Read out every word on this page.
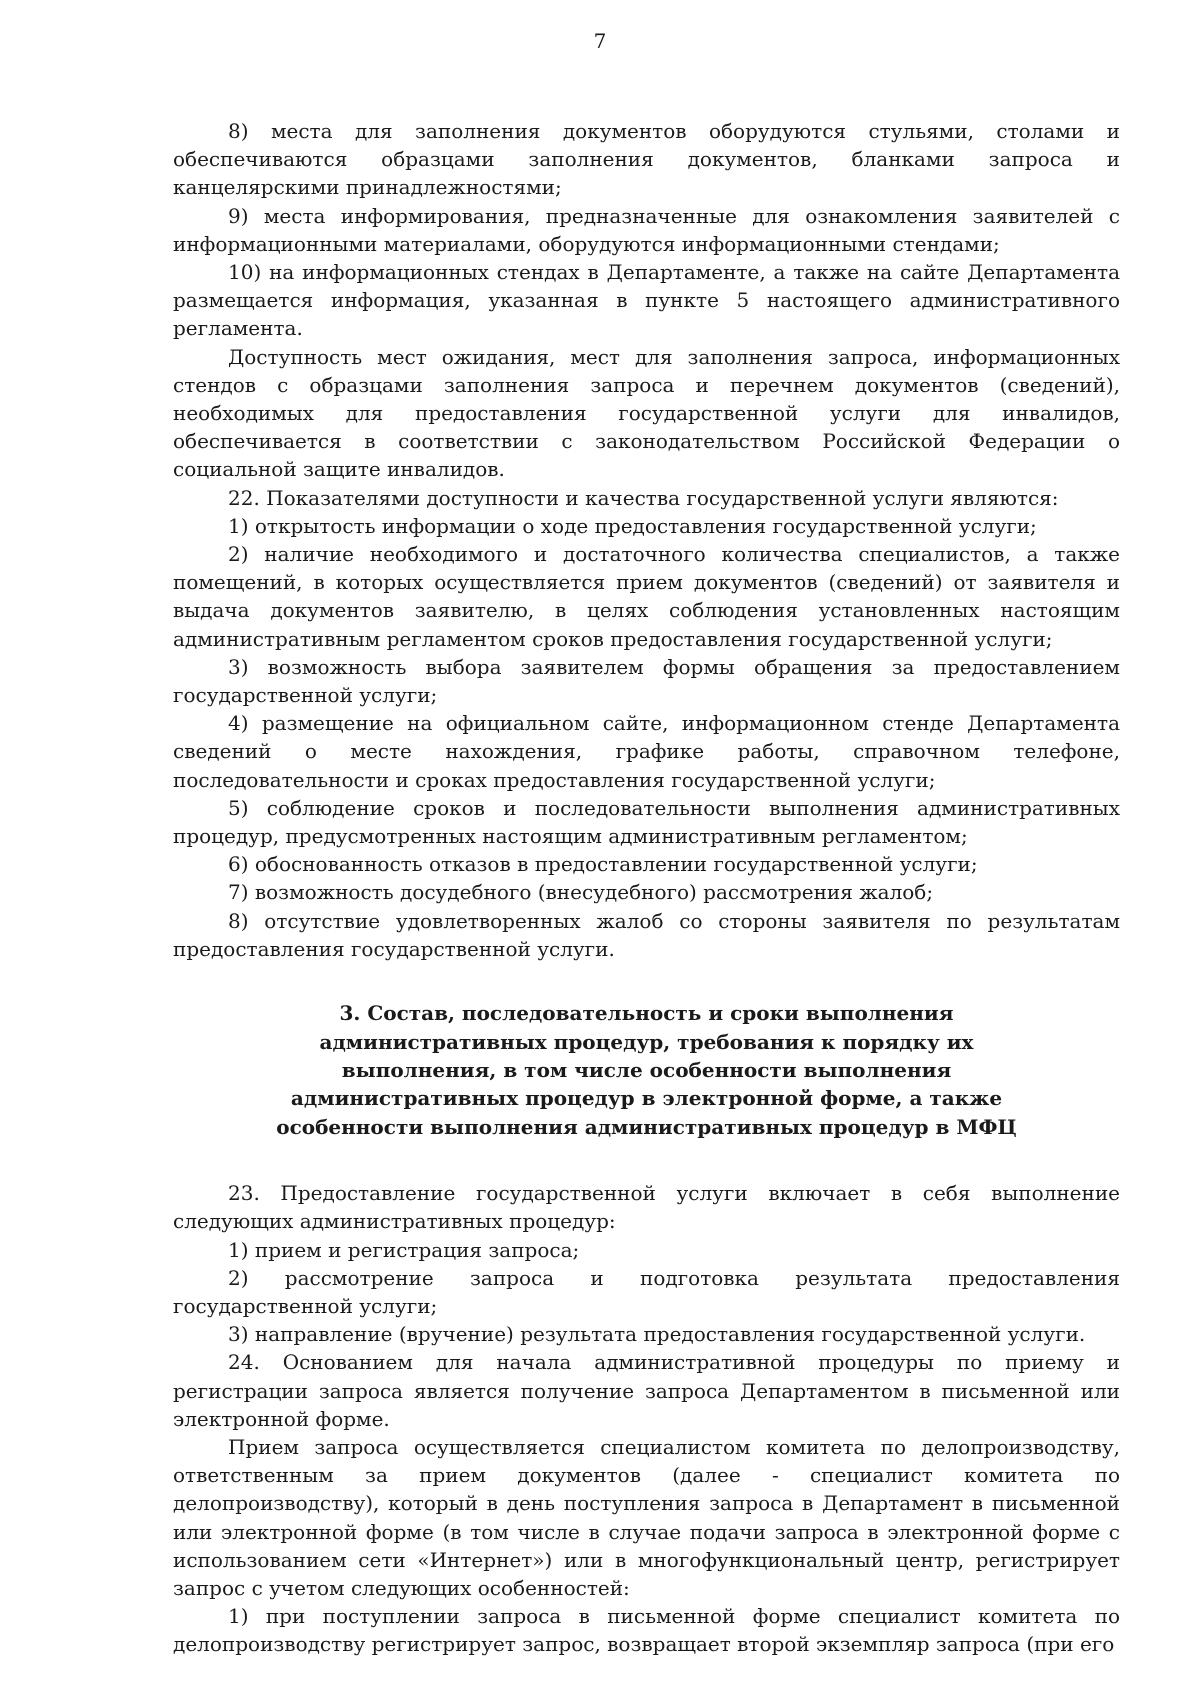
7

8) места для заполнения документов оборудуются стульями, столами и обеспечиваются образцами заполнения документов, бланками запроса и канцелярскими принадлежностями;

9) места информирования, предназначенные для ознакомления заявителей с информационными материалами, оборудуются информационными стендами;

10) на информационных стендах в Департаменте, а также на сайте Департамента размещается информация, указанная в пункте 5 настоящего административного регламента.

Доступность мест ожидания, мест для заполнения запроса, информационных стендов с образцами заполнения запроса и перечнем документов (сведений), необходимых для предоставления государственной услуги для инвалидов, обеспечивается в соответствии с законодательством Российской Федерации о социальной защите инвалидов.

22. Показателями доступности и качества государственной услуги являются:

1) открытость информации о ходе предоставления государственной услуги;

2) наличие необходимого и достаточного количества специалистов, а также помещений, в которых осуществляется прием документов (сведений) от заявителя и выдача документов заявителю, в целях соблюдения установленных настоящим административным регламентом сроков предоставления государственной услуги;

3) возможность выбора заявителем формы обращения за предоставлением государственной услуги;

4) размещение на официальном сайте, информационном стенде Департамента сведений о месте нахождения, графике работы, справочном телефоне, последовательности и сроках предоставления государственной услуги;

5) соблюдение сроков и последовательности выполнения административных процедур, предусмотренных настоящим административным регламентом;

6) обоснованность отказов в предоставлении государственной услуги;

7) возможность досудебного (внесудебного) рассмотрения жалоб;

8) отсутствие удовлетворенных жалоб со стороны заявителя по результатам предоставления государственной услуги.

3. Состав, последовательность и сроки выполнения
административных процедур, требования к порядку их
выполнения, в том числе особенности выполнения
административных процедур в электронной форме, а также
особенности выполнения административных процедур в МФЦ

23. Предоставление государственной услуги включает в себя выполнение следующих административных процедур:

1) прием и регистрация запроса;

2) рассмотрение запроса и подготовка результата предоставления государственной услуги;

3) направление (вручение) результата предоставления государственной услуги.

24. Основанием для начала административной процедуры по приему и регистрации запроса является получение запроса Департаментом в письменной или электронной форме.

Прием запроса осуществляется специалистом комитета по делопроизводству, ответственным за прием документов (далее - специалист комитета по делопроизводству), который в день поступления запроса в Департамент в письменной или электронной форме (в том числе в случае подачи запроса в электронной форме с использованием сети «Интернет») или в многофункциональный центр, регистрирует запрос с учетом следующих особенностей:

1) при поступлении запроса в письменной форме специалист комитета по делопроизводству регистрирует запрос, возвращает второй экземпляр запроса (при его
